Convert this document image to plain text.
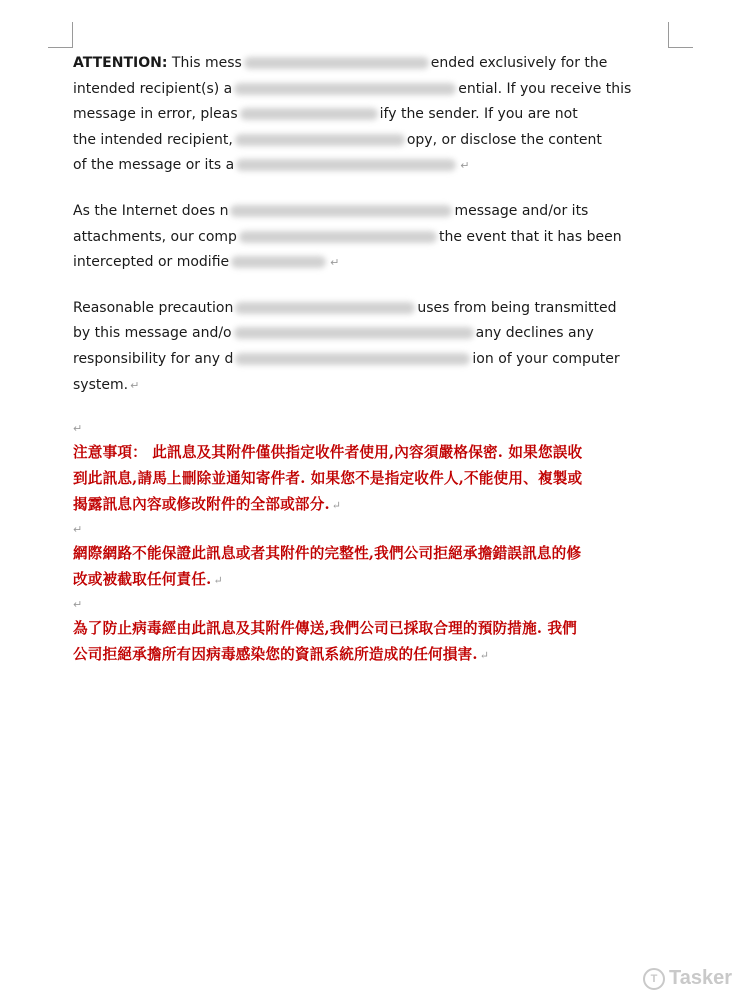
ATTENTION: This mess	ended exclusively for the
intended recipient(s) a	ential. If you receive this
message in error, pleas	ify the sender. If you are not
the intended recipient,	opy, or disclose the content
of the message or its a	↵

As the Internet does n	message and/or its
attachments, our comp	the event that it has been
intercepted or modifie	↵

Reasonable precaution	uses from being transmitted
by this message and/o	any declines any
responsibility for any d	ion of your computer
system. ↵

↵

注意事項： 此訊息及其附件僅供指定收件者使用,內容須嚴格保密. 如果您誤收
到此訊息,請馬上刪除並通知寄件者. 如果您不是指定收件人,不能使用、複製或
揭露訊息內容或修改附件的全部或部分. ↵

↵

網際網路不能保證此訊息或者其附件的完整性,我們公司拒絕承擔錯誤訊息的修
改或被截取任何責任. ↵

↵

為了防止病毒經由此訊息及其附件傳送,我們公司已採取合理的預防措施. 我們
公司拒絕承擔所有因病毒感染您的資訊系統所造成的任何損害. ↵

T Tasker
